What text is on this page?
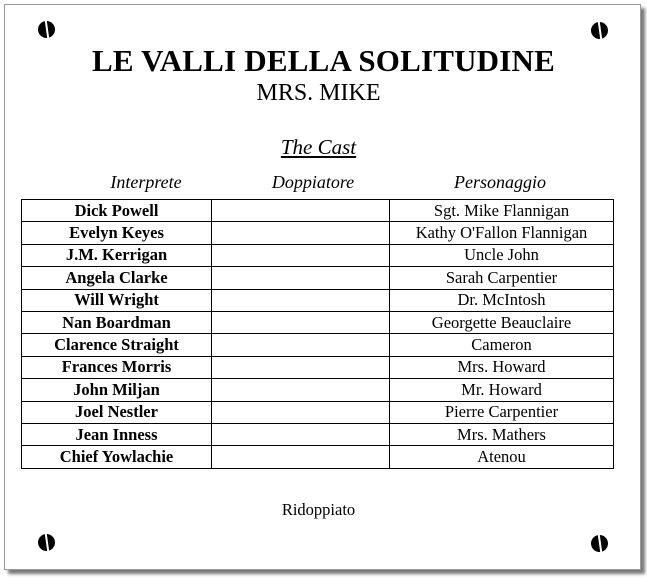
LE VALLI DELLA SOLITUDINE
MRS. MIKE
The Cast
Interprete	Doppiatore	Personaggio
Dick Powell		Sgt. Mike Flannigan
Evelyn Keyes		Kathy O'Fallon Flannigan
J.M. Kerrigan		Uncle John
Angela Clarke		Sarah Carpentier
Will Wright		Dr. McIntosh
Nan Boardman		Georgette Beauclaire
Clarence Straight		Cameron
Frances Morris		Mrs. Howard
John Miljan		Mr. Howard
Joel Nestler		Pierre Carpentier
Jean Inness		Mrs. Mathers
Chief Yowlachie		Atenou
Ridoppiato
